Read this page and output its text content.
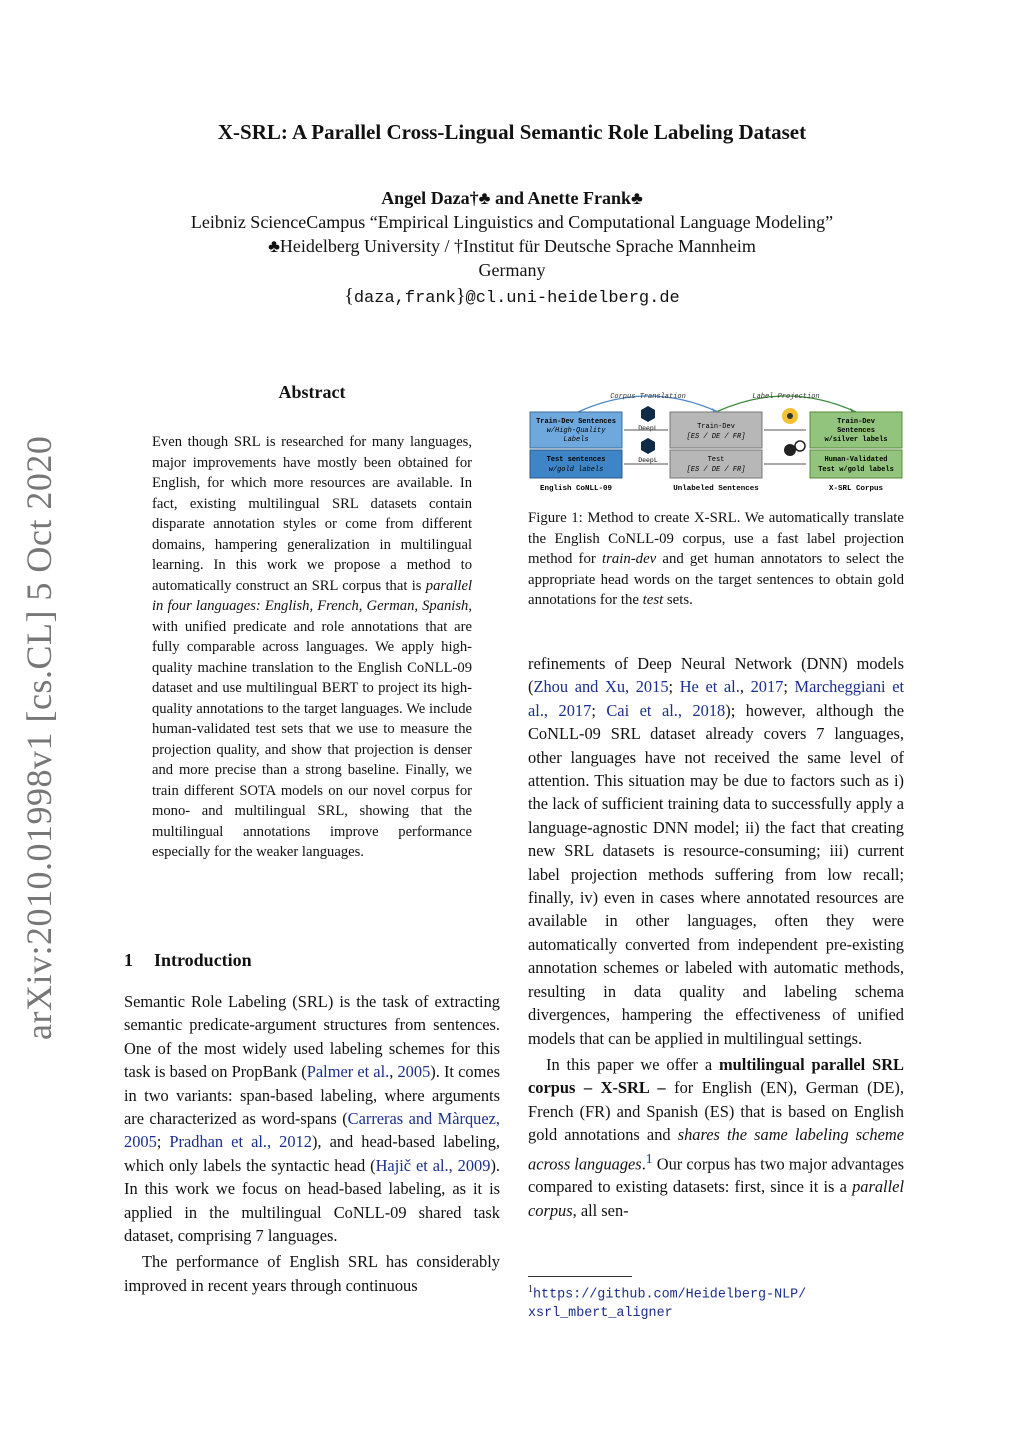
arXiv:2010.01998v1 [cs.CL] 5 Oct 2020
X-SRL: A Parallel Cross-Lingual Semantic Role Labeling Dataset
Angel Daza†♣ and Anette Frank♣
Leibniz ScienceCampus “Empirical Linguistics and Computational Language Modeling”
♣Heidelberg University / †Institut für Deutsche Sprache Mannheim
Germany
{daza,frank}@cl.uni-heidelberg.de
Abstract
Even though SRL is researched for many languages, major improvements have mostly been obtained for English, for which more resources are available. In fact, existing multilingual SRL datasets contain disparate annotation styles or come from different domains, hampering generalization in multilingual learning. In this work we propose a method to automatically construct an SRL corpus that is parallel in four languages: English, French, German, Spanish, with unified predicate and role annotations that are fully comparable across languages. We apply high-quality machine translation to the English CoNLL-09 dataset and use multilingual BERT to project its high-quality annotations to the target languages. We include human-validated test sets that we use to measure the projection quality, and show that projection is denser and more precise than a strong baseline. Finally, we train different SOTA models on our novel corpus for mono- and multilingual SRL, showing that the multilingual annotations improve performance especially for the weaker languages.
1 Introduction

Semantic Role Labeling (SRL) is the task of extracting semantic predicate-argument structures from sentences. One of the most widely used labeling schemes for this task is based on PropBank (Palmer et al., 2005). It comes in two variants: span-based labeling, where arguments are characterized as word-spans (Carreras and Màrquez, 2005; Pradhan et al., 2012), and head-based labeling, which only labels the syntactic head (Hajič et al., 2009). In this work we focus on head-based labeling, as it is applied in the multilingual CoNLL-09 shared task dataset, comprising 7 languages.

The performance of English SRL has considerably improved in recent years through continuous

Corpus Translation	Label Projection
Train-Dev Sentences
w/High-Quality
Labels
Test sentences
w/gold labels
DeepL
DeepL
Train-Dev
[ES / DE / FR]
Test
[ES / DE / FR]
Train-Dev
Sentences
w/silver labels
Human-Validated
Test w/gold labels
English CoNLL-09	Unlabeled Sentences	X-SRL Corpus
Figure 1: Method to create X-SRL. We automatically translate the English CoNLL-09 corpus, use a fast label projection method for train-dev and get human annotators to select the appropriate head words on the target sentences to obtain gold annotations for the test sets.

refinements of Deep Neural Network (DNN) models (Zhou and Xu, 2015; He et al., 2017; Marcheggiani et al., 2017; Cai et al., 2018); however, although the CoNLL-09 SRL dataset already covers 7 languages, other languages have not received the same level of attention. This situation may be due to factors such as i) the lack of sufficient training data to successfully apply a language-agnostic DNN model; ii) the fact that creating new SRL datasets is resource-consuming; iii) current label projection methods suffering from low recall; finally, iv) even in cases where annotated resources are available in other languages, often they were automatically converted from independent pre-existing annotation schemes or labeled with automatic methods, resulting in data quality and labeling schema divergences, hampering the effectiveness of unified models that can be applied in multilingual settings.

In this paper we offer a multilingual parallel SRL corpus – X-SRL – for English (EN), German (DE), French (FR) and Spanish (ES) that is based on English gold annotations and shares the same labeling scheme across languages.$^1$ Our corpus has two major advantages compared to existing datasets: first, since it is a parallel corpus, all sen-

$^1$https://github.com/Heidelberg-NLP/
xsrl_mbert_aligner
